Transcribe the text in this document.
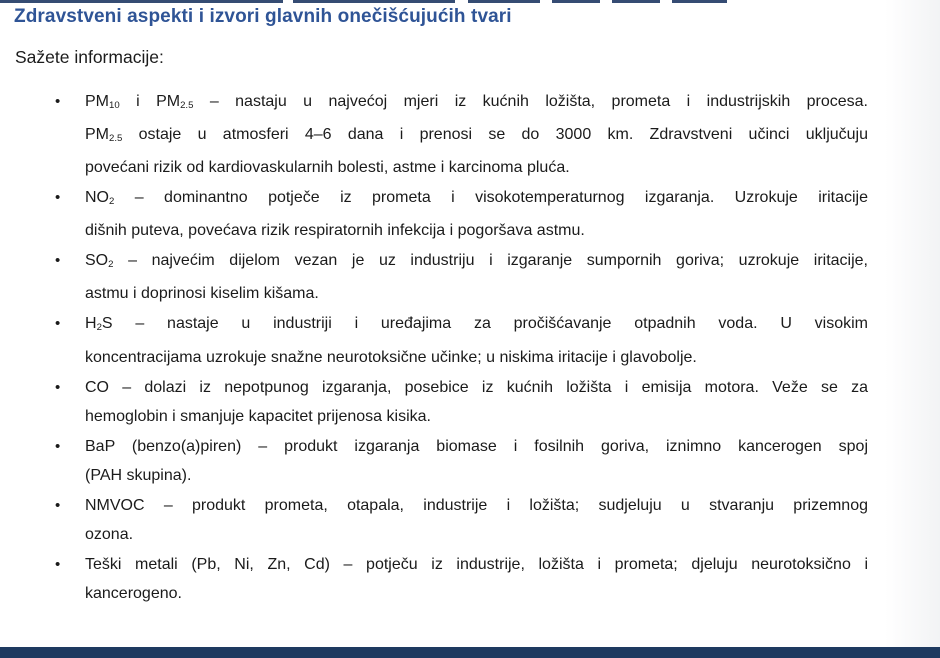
Zdravstveni aspekti i izvori glavnih onečišćujućih tvari
Sažete informacije:
• $PM_{10}$ i $PM_{2.5}$ – nastaju u najvećoj mjeri iz kućnih ložišta, prometa i industrijskih procesa.
$PM_{2.5}$ ostaje u atmosferi 4–6 dana i prenosi se do 3000 km. Zdravstveni učinci uključuju
povećani rizik od kardiovaskularnih bolesti, astme i karcinoma pluća.
• $NO_2$ – dominantno potječe iz prometa i visokotemperaturnog izgaranja. Uzrokuje iritacije
dišnih puteva, povećava rizik respiratornih infekcija i pogoršava astmu.
• $SO_2$ – najvećim dijelom vezan je uz industriju i izgaranje sumpornih goriva; uzrokuje iritacije,
astmu i doprinosi kiselim kišama.
• $H_2S$ – nastaje u industriji i uređajima za pročišćavanje otpadnih voda. U visokim
koncentracijama uzrokuje snažne neurotoksične učinke; u niskima iritacije i glavobolje.
• CO – dolazi iz nepotpunog izgaranja, posebice iz kućnih ložišta i emisija motora. Veže se za
hemoglobin i smanjuje kapacitet prijenosa kisika.
• BaP (benzo(a)piren) – produkt izgaranja biomase i fosilnih goriva, iznimno kancerogen spoj
(PAH skupina).
• NMVOC – produkt prometa, otapala, industrije i ložišta; sudjeluju u stvaranju prizemnog
ozona.
• Teški metali (Pb, Ni, Zn, Cd) – potječu iz industrije, ložišta i prometa; djeluju neurotoksično i
kancerogeno.
